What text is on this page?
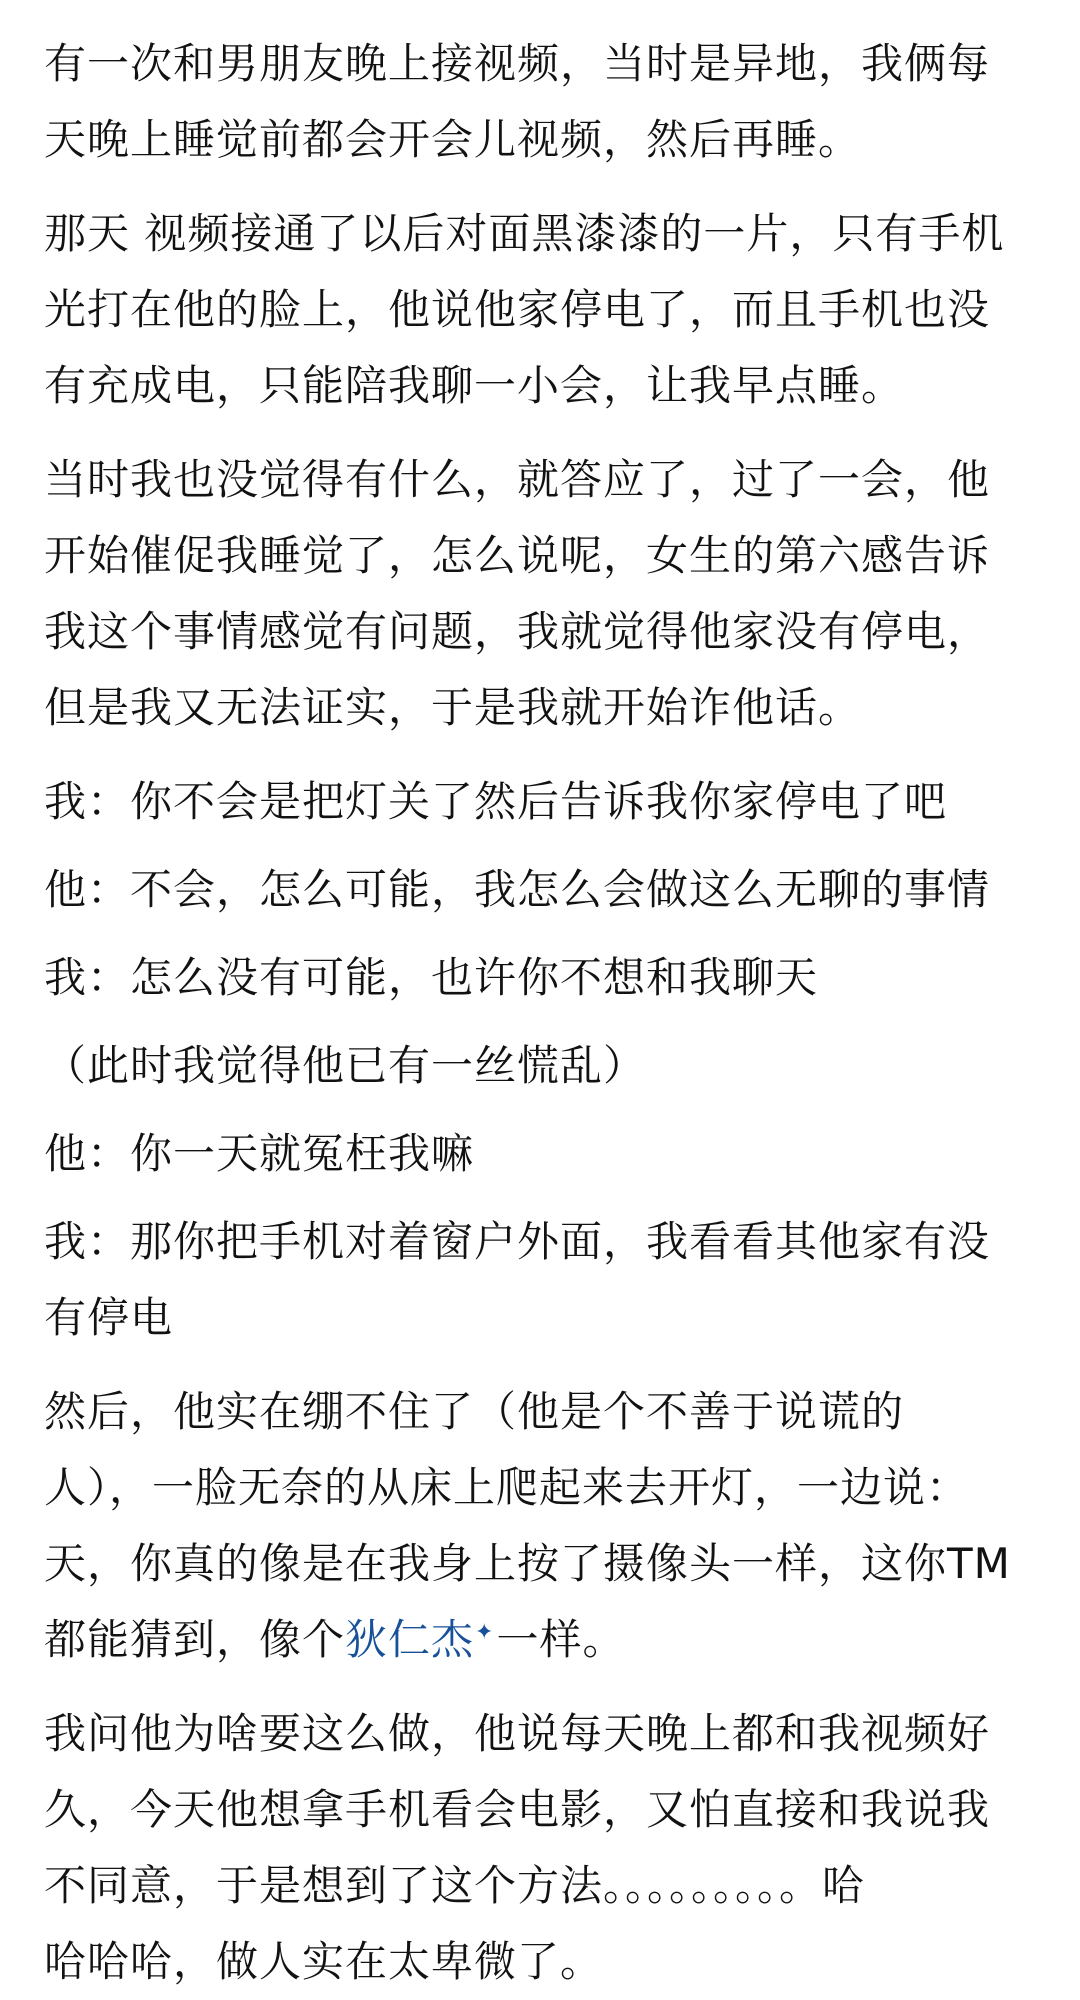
有一次和男朋友晚上接视频，当时是异地，我俩每
天晚上睡觉前都会开会儿视频，然后再睡。

那天 视频接通了以后对面黑漆漆的一片，只有手机
光打在他的脸上，他说他家停电了，而且手机也没
有充成电，只能陪我聊一小会，让我早点睡。

当时我也没觉得有什么，就答应了，过了一会，他
开始催促我睡觉了，怎么说呢，女生的第六感告诉
我这个事情感觉有问题，我就觉得他家没有停电，
但是我又无法证实，于是我就开始诈他话。

我：你不会是把灯关了然后告诉我你家停电了吧

他：不会，怎么可能，我怎么会做这么无聊的事情

我：怎么没有可能，也许你不想和我聊天

（此时我觉得他已有一丝慌乱）

他：你一天就冤枉我嘛

我：那你把手机对着窗户外面，我看看其他家有没
有停电

然后，他实在绷不住了（他是个不善于说谎的
人），一脸无奈的从床上爬起来去开灯，一边说：
天，你真的像是在我身上按了摄像头一样，这你TM
都能猜到，像个狄仁杰✦一样。

我问他为啥要这么做，他说每天晚上都和我视频好
久，今天他想拿手机看会电影，又怕直接和我说我
不同意，于是想到了这个方法。。。。。。。。。哈
哈哈哈，做人实在太卑微了。
